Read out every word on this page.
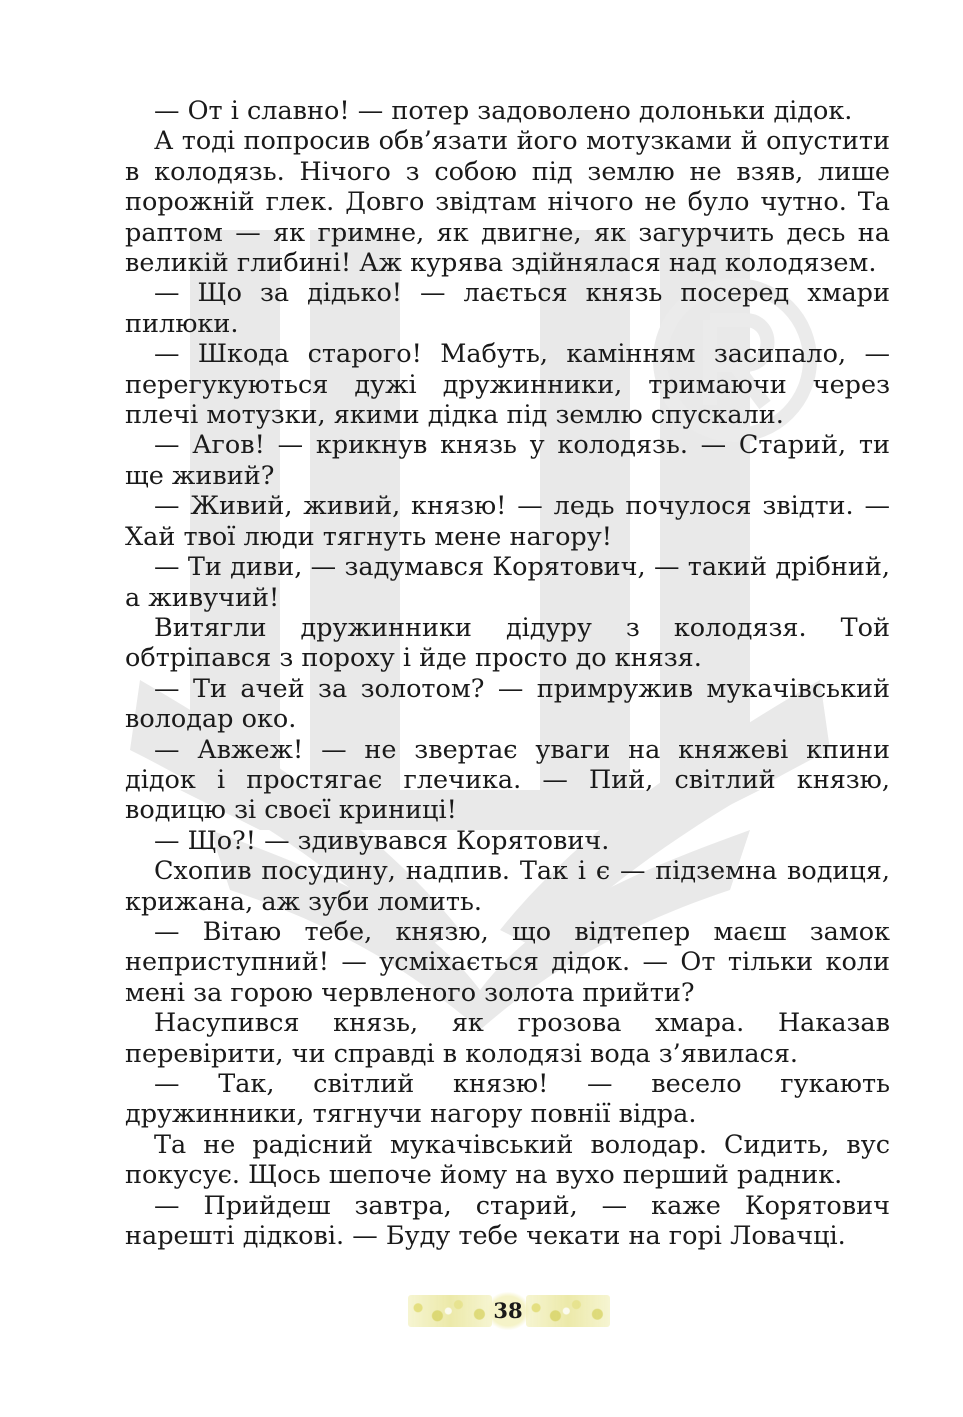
— От і славно! — потер задоволено долоньки дідок.

А тоді попросив обв’язати його мотузками й опустити в колодязь. Нічого з собою під землю не взяв, лише порожній глек. Довго звідтам нічого не було чутно. Та раптом — як гримне, як двигне, як загурчить десь на великій глибині! Аж курява здійнялася над колодязем.

— Що за дідько! — лається князь посеред хмари пилюки.

— Шкода старого! Мабуть, камінням засипало, — перегукуються дужі дружинники, тримаючи через плечі мотузки, якими дідка під землю спускали.

— Агов! — крикнув князь у колодязь. — Старий, ти ще живий?

— Живий, живий, князю! — ледь почулося звідти. — Хай твої люди тягнуть мене нагору!

— Ти диви, — задумався Корятович, — такий дрібний, а живучий!

Витягли дружинники дідуру з колодязя. Той обтріпався з пороху і йде просто до князя.

— Ти ачей за золотом? — примружив мукачівський володар око.

— Авжеж! — не звертає уваги на княжеві кпини дідок і простягає глечика. — Пий, світлий князю, водицю зі своєї криниці!

— Що?! — здивувався Корятович.

Схопив посудину, надпив. Так і є — підземна водиця, крижана, аж зуби ломить.

— Вітаю тебе, князю, що відтепер маєш замок неприступний! — усміхається дідок. — От тільки коли мені за горою червленого золота прийти?

Насупився князь, як грозова хмара. Наказав перевірити, чи справді в колодязі вода з’явилася.

— Так, світлий князю! — весело гукають дружинники, тягнучи нагору повнії відра.

Та не радісний мукачівський володар. Сидить, вус покусує. Щось шепоче йому на вухо перший радник.

— Прийдеш завтра, старий, — каже Корятович нарешті дідкові. — Буду тебе чекати на горі Ловачці.

38
